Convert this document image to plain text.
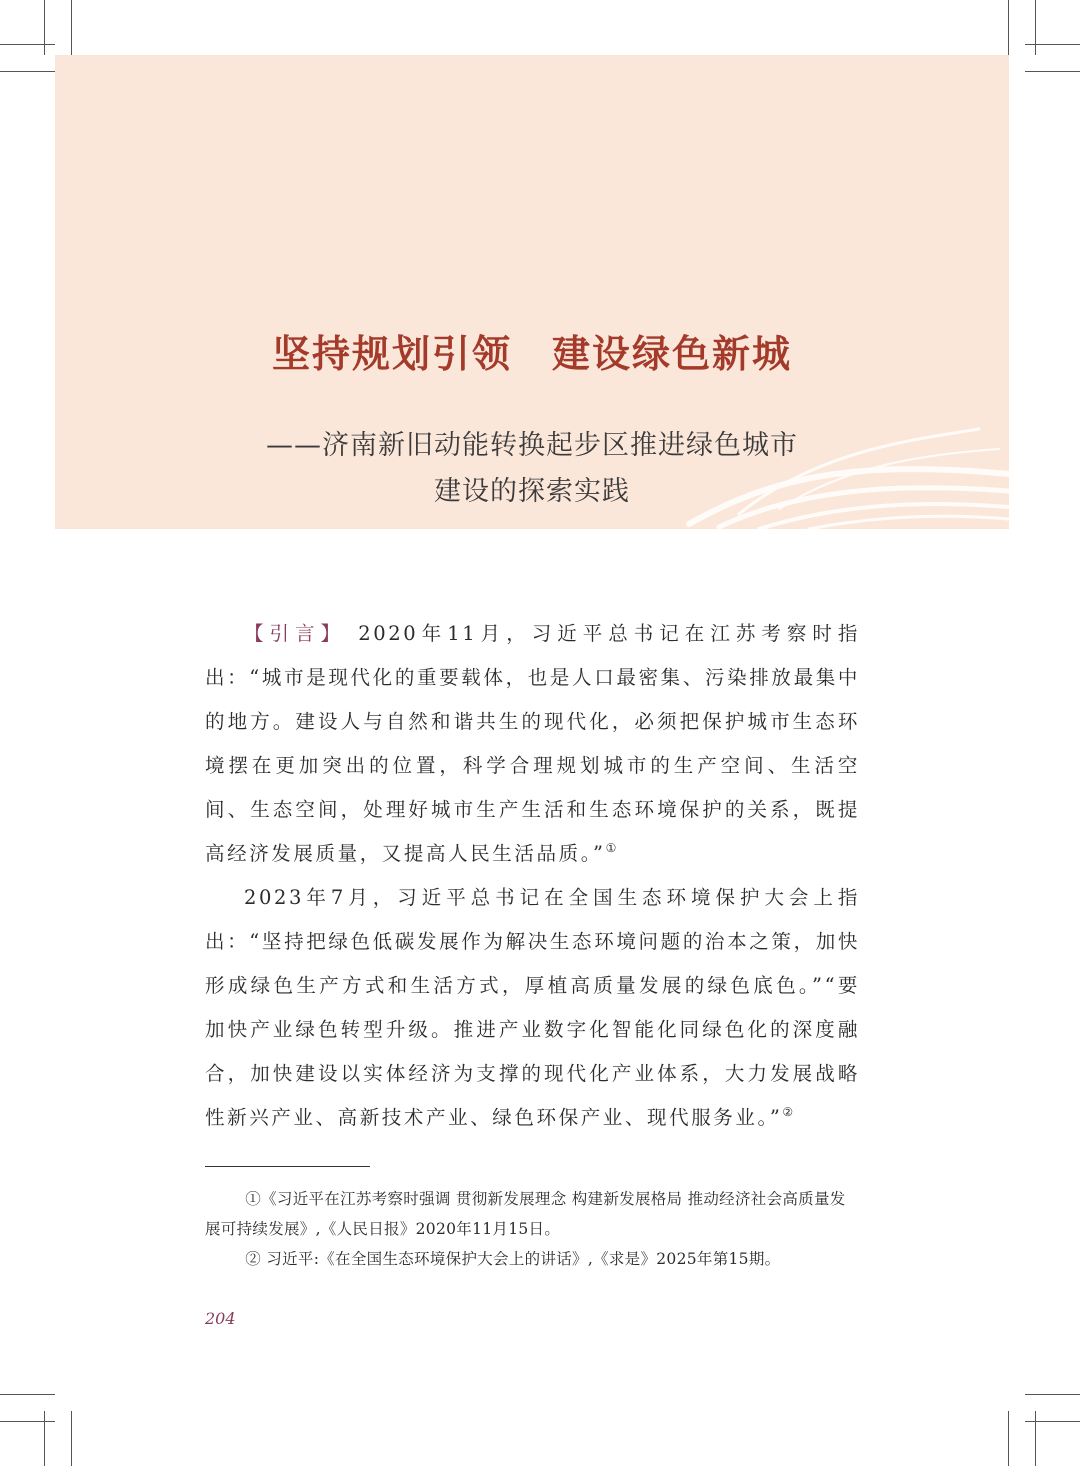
坚持规划引领 建设绿色新城
——济南新旧动能转换起步区推进绿色城市
建设的探索实践

【引言】 2020年11月，习近平总书记在江苏考察时指出：“城市是现代化的重要载体，也是人口最密集、污染排放最集中的地方。建设人与自然和谐共生的现代化，必须把保护城市生态环境摆在更加突出的位置，科学合理规划城市的生产空间、生活空间、生态空间，处理好城市生产生活和生态环境保护的关系，既提高经济发展质量，又提高人民生活品质。”①

2023年7月，习近平总书记在全国生态环境保护大会上指出：“坚持把绿色低碳发展作为解决生态环境问题的治本之策，加快形成绿色生产方式和生活方式，厚植高质量发展的绿色底色。”“要加快产业绿色转型升级。推进产业数字化智能化同绿色化的深度融合，加快建设以实体经济为支撑的现代化产业体系，大力发展战略性新兴产业、高新技术产业、绿色环保产业、现代服务业。”②

①《习近平在江苏考察时强调 贯彻新发展理念 构建新发展格局 推动经济社会高质量发展可持续发展》,《人民日报》2020年11月15日。

② 习近平:《在全国生态环境保护大会上的讲话》,《求是》2025年第15期。

204
